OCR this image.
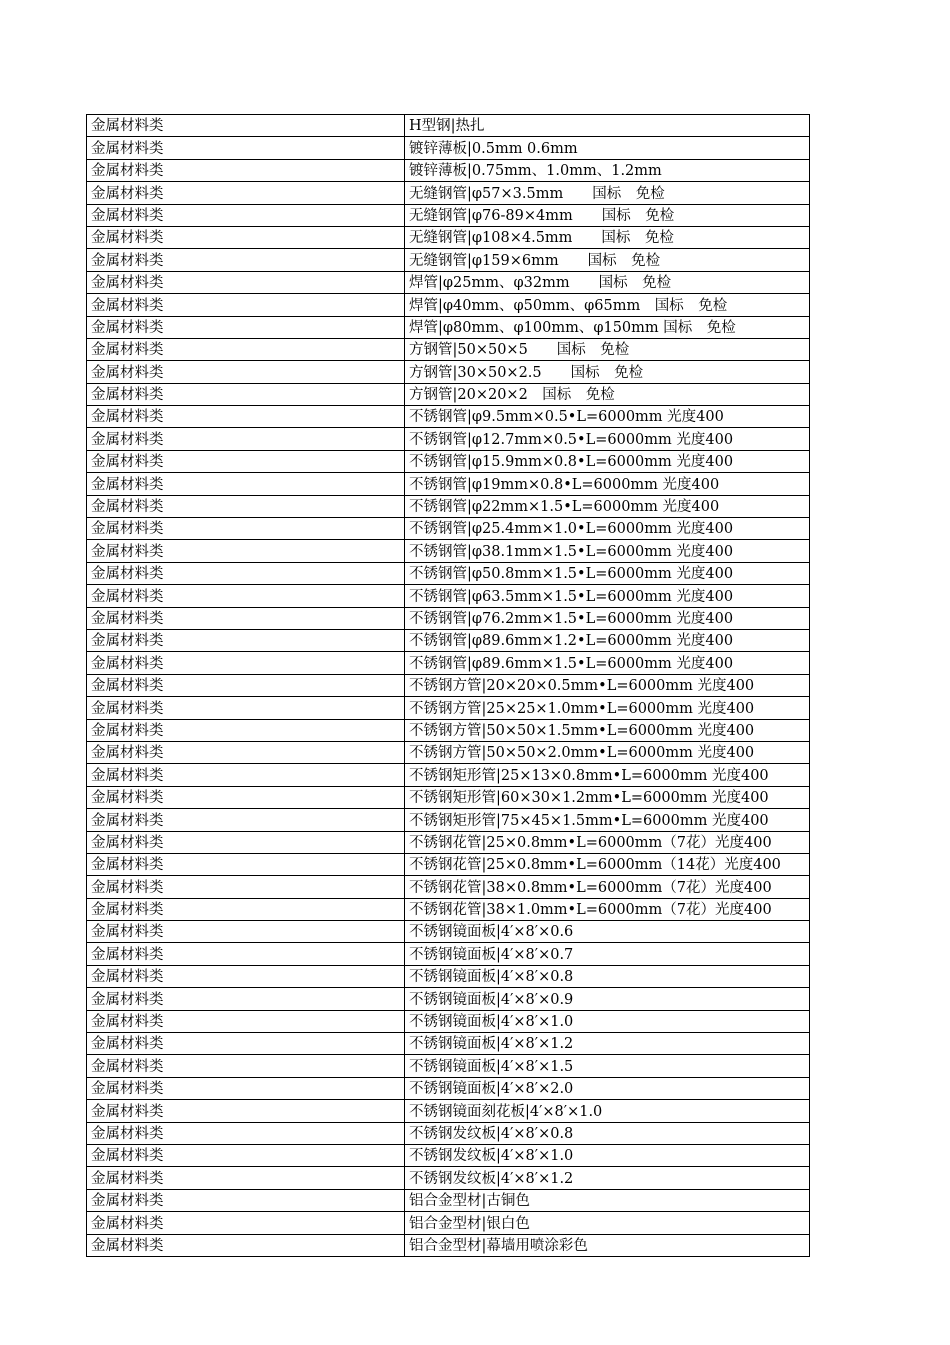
金属材料类	H型钢|热扎
金属材料类	镀锌薄板|0.5mm 0.6mm
金属材料类	镀锌薄板|0.75mm、1.0mm、1.2mm
金属材料类	无缝钢管|φ57×3.5mm　　国标　免检
金属材料类	无缝钢管|φ76-89×4mm　　国标　免检
金属材料类	无缝钢管|φ108×4.5mm　　国标　免检
金属材料类	无缝钢管|φ159×6mm　　国标　免检
金属材料类	焊管|φ25mm、φ32mm　　国标　免检
金属材料类	焊管|φ40mm、φ50mm、φ65mm　国标　免检
金属材料类	焊管|φ80mm、φ100mm、φ150mm 国标　免检
金属材料类	方钢管|50×50×5　　国标　免检
金属材料类	方钢管|30×50×2.5　　国标　免检
金属材料类	方钢管|20×20×2　国标　免检
金属材料类	不锈钢管|φ9.5mm×0.5•L=6000mm 光度400
金属材料类	不锈钢管|φ12.7mm×0.5•L=6000mm 光度400
金属材料类	不锈钢管|φ15.9mm×0.8•L=6000mm 光度400
金属材料类	不锈钢管|φ19mm×0.8•L=6000mm 光度400
金属材料类	不锈钢管|φ22mm×1.5•L=6000mm 光度400
金属材料类	不锈钢管|φ25.4mm×1.0•L=6000mm 光度400
金属材料类	不锈钢管|φ38.1mm×1.5•L=6000mm 光度400
金属材料类	不锈钢管|φ50.8mm×1.5•L=6000mm 光度400
金属材料类	不锈钢管|φ63.5mm×1.5•L=6000mm 光度400
金属材料类	不锈钢管|φ76.2mm×1.5•L=6000mm 光度400
金属材料类	不锈钢管|φ89.6mm×1.2•L=6000mm 光度400
金属材料类	不锈钢管|φ89.6mm×1.5•L=6000mm 光度400
金属材料类	不锈钢方管|20×20×0.5mm•L=6000mm 光度400
金属材料类	不锈钢方管|25×25×1.0mm•L=6000mm 光度400
金属材料类	不锈钢方管|50×50×1.5mm•L=6000mm 光度400
金属材料类	不锈钢方管|50×50×2.0mm•L=6000mm 光度400
金属材料类	不锈钢矩形管|25×13×0.8mm•L=6000mm 光度400
金属材料类	不锈钢矩形管|60×30×1.2mm•L=6000mm 光度400
金属材料类	不锈钢矩形管|75×45×1.5mm•L=6000mm 光度400
金属材料类	不锈钢花管|25×0.8mm•L=6000mm（7花）光度400
金属材料类	不锈钢花管|25×0.8mm•L=6000mm（14花）光度400
金属材料类	不锈钢花管|38×0.8mm•L=6000mm（7花）光度400
金属材料类	不锈钢花管|38×1.0mm•L=6000mm（7花）光度400
金属材料类	不锈钢镜面板|4′×8′×0.6
金属材料类	不锈钢镜面板|4′×8′×0.7
金属材料类	不锈钢镜面板|4′×8′×0.8
金属材料类	不锈钢镜面板|4′×8′×0.9
金属材料类	不锈钢镜面板|4′×8′×1.0
金属材料类	不锈钢镜面板|4′×8′×1.2
金属材料类	不锈钢镜面板|4′×8′×1.5
金属材料类	不锈钢镜面板|4′×8′×2.0
金属材料类	不锈钢镜面刻花板|4′×8′×1.0
金属材料类	不锈钢发纹板|4′×8′×0.8
金属材料类	不锈钢发纹板|4′×8′×1.0
金属材料类	不锈钢发纹板|4′×8′×1.2
金属材料类	铝合金型材|古铜色
金属材料类	铝合金型材|银白色
金属材料类	铝合金型材|幕墙用喷涂彩色
